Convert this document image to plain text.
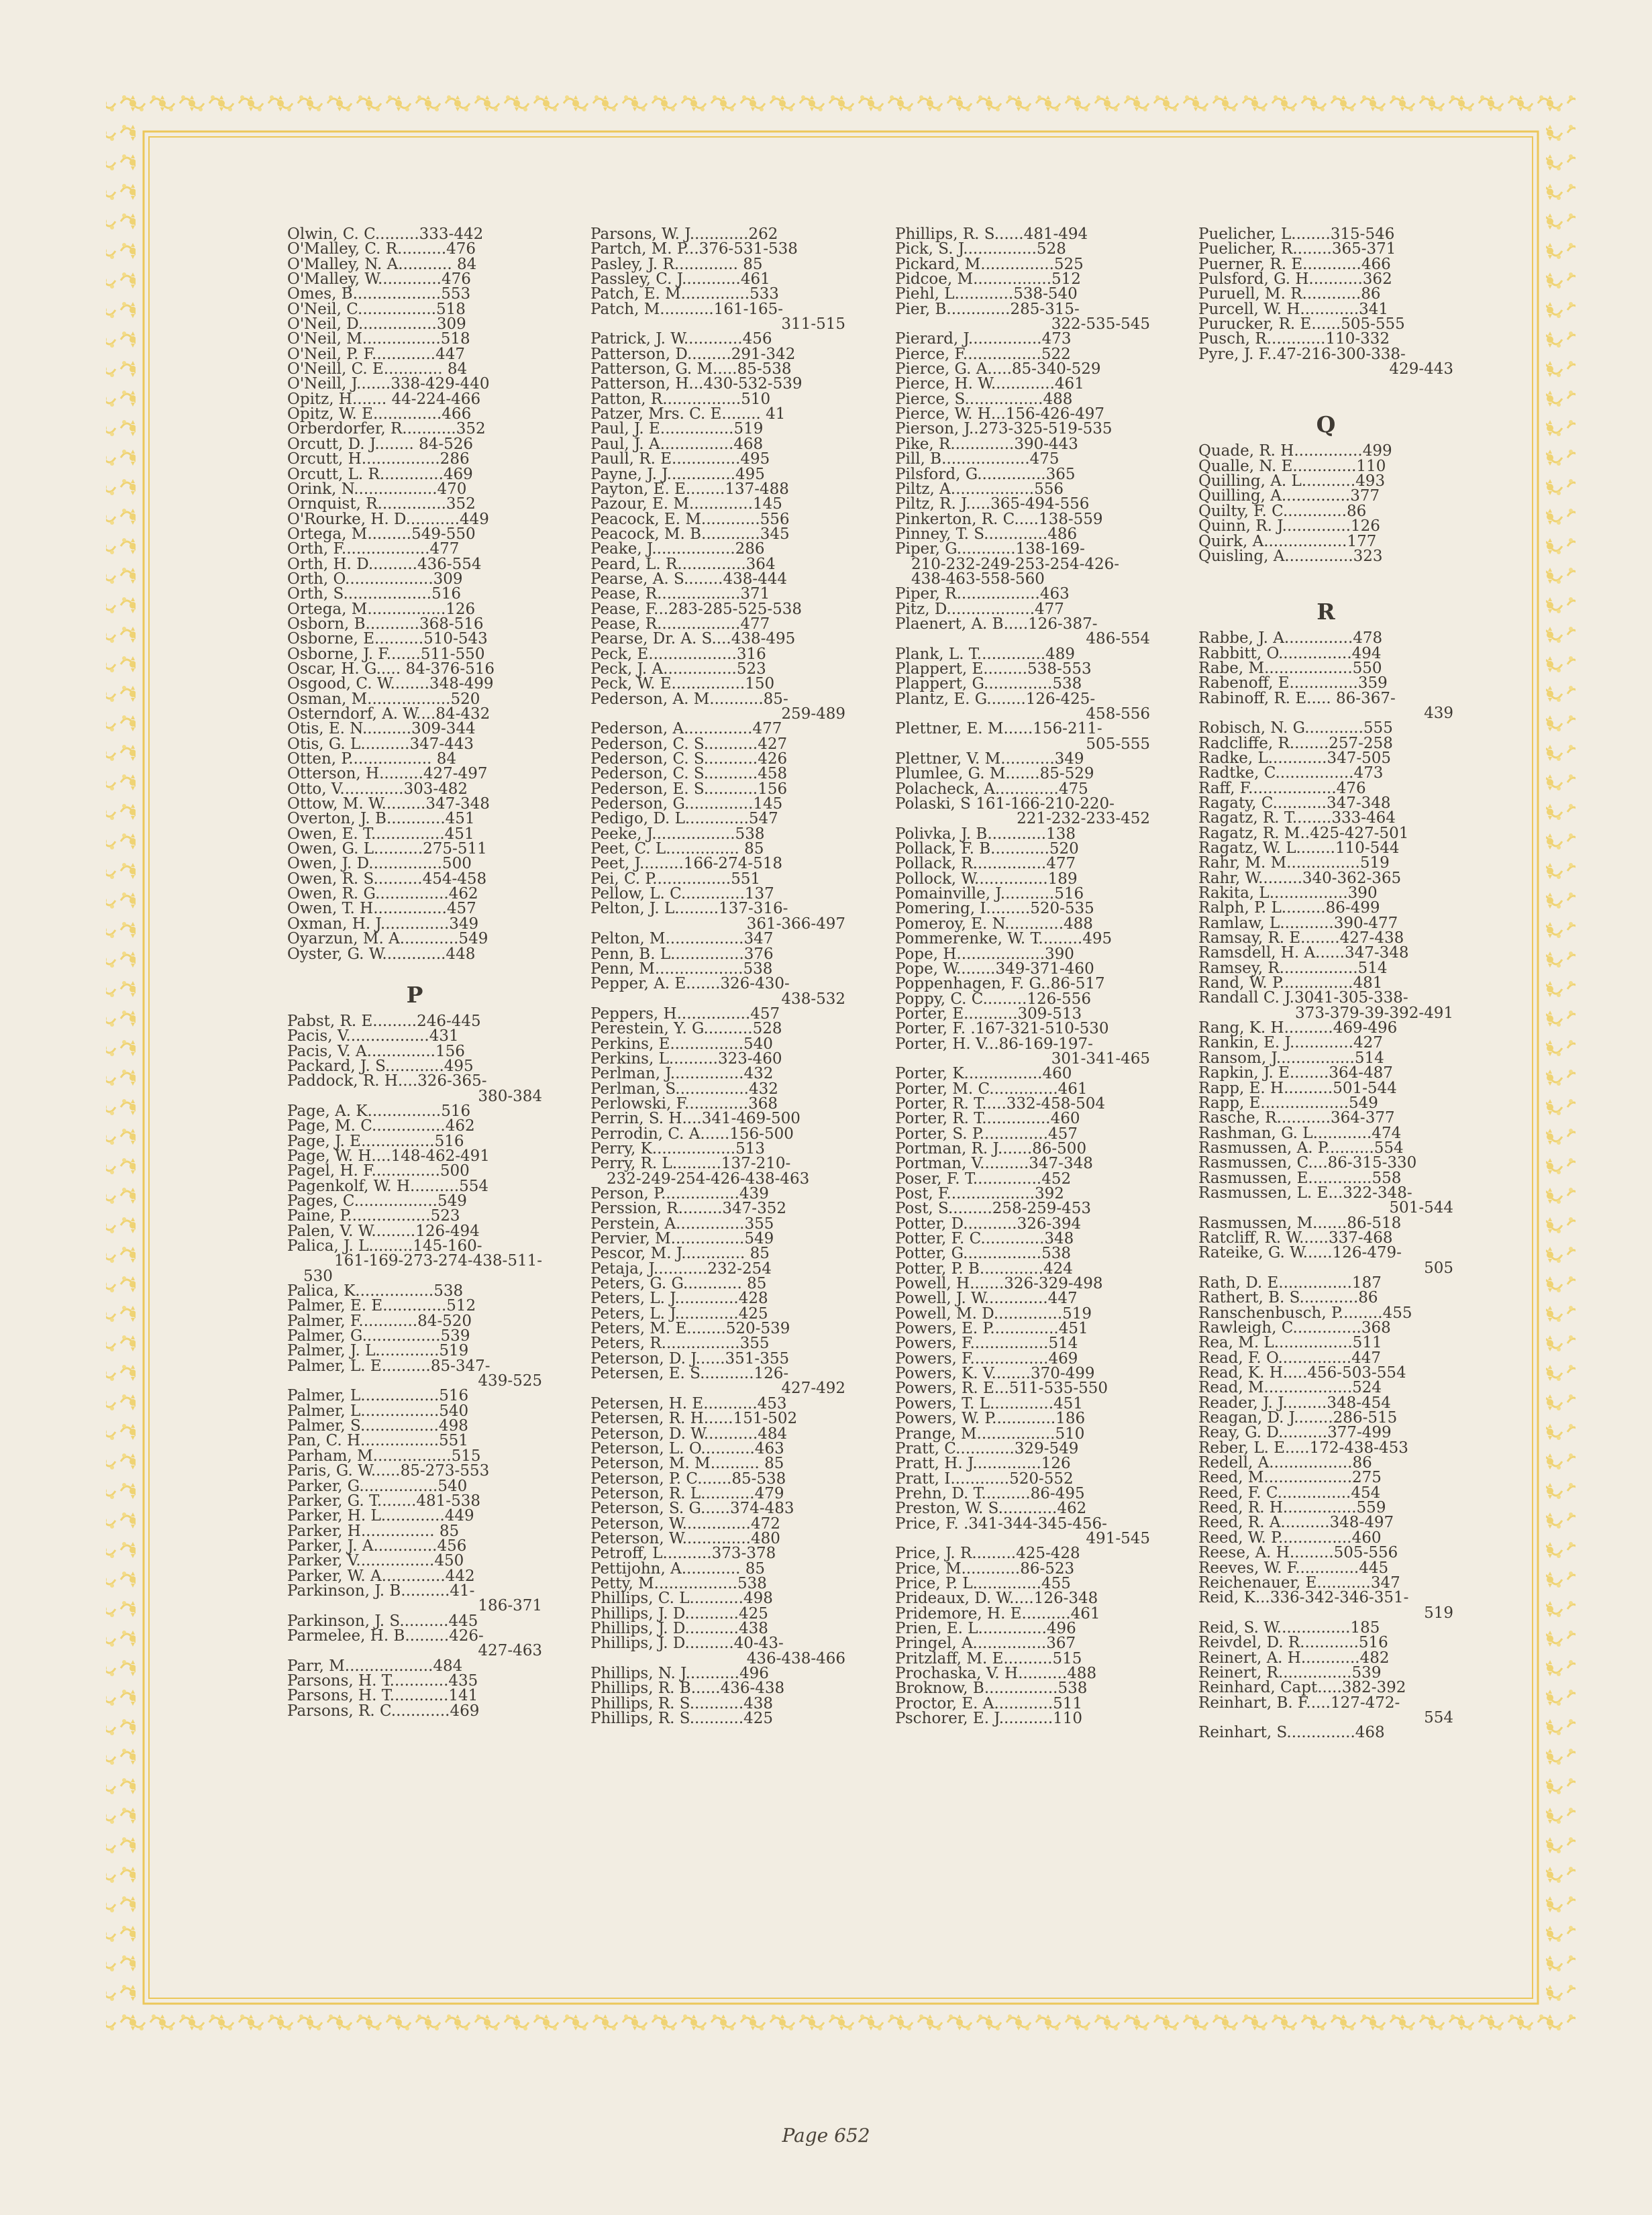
Olwin, C. C.........333-442
O'Malley, C. R..........476
O'Malley, N. A........... 84
O'Malley, W.............476
Omes, B..................553
O'Neil, C................518
O'Neil, D................309
O'Neil, M................518
O'Neil, P. F.............447
O'Neill, C. E............ 84
O'Neill, J.......338-429-440
Opitz, H....... 44-224-466
Opitz, W. E..............466
Orberdorfer, R...........352
Orcutt, D. J........ 84-526
Orcutt, H................286
Orcutt, L. R.............469
Orink, N.................470
Ornquist, R..............352
O'Rourke, H. D...........449
Ortega, M.........549-550
Orth, F..................477
Orth, H. D..........436-554
Orth, O..................309
Orth, S..................516
Ortega, M................126
Osborn, B...........368-516
Osborne, E..........510-543
Osborne, J. F.......511-550
Oscar, H. G..... 84-376-516
Osgood, C. W........348-499
Osman, M.................520
Osterndorf, A. W....84-432
Otis, E. N..........309-344
Otis, G. L..........347-443
Otten, P................. 84
Otterson, H.........427-497
Otto, V.............303-482
Ottow, M. W.........347-348
Overton, J. B............451
Owen, E. T...............451
Owen, G. L..........275-511
Owen, J. D...............500
Owen, R. S..........454-458
Owen, R. G...............462
Owen, T. H...............457
Oxman, H. J..............349
Oyarzun, M. A............549
Oyster, G. W.............448
P
Pabst, R. E.........246-445
Pacis, V.................431
Pacis, V. A..............156
Packard, J. S............495
Paddock, R. H....326-365-
380-384
Page, A. K...............516
Page, M. C...............462
Page, J. E...............516
Page, W. H....148-462-491
Pagel, H. F..............500
Pagenkolf, W. H..........554
Pages, C.................549
Paine, P.................523
Palen, V. W.........126-494
Palica, J. L.........145-160-
161-169-273-274-438-511-
530
Palica, K................538
Palmer, E. E.............512
Palmer, F............84-520
Palmer, G................539
Palmer, J. L.............519
Palmer, L. E..........85-347-
439-525
Palmer, L................516
Palmer, L................540
Palmer, S................498
Pan, C. H................551
Parham, M................515
Paris, G. W......85-273-553
Parker, G................540
Parker, G. T........481-538
Parker, H. L.............449
Parker, H............... 85
Parker, J. A.............456
Parker, V................450
Parker, W. A.............442
Parkinson, J. B..........41-
186-371
Parkinson, J. S..........445
Parmelee, H. B.........426-
427-463
Parr, M..................484
Parsons, H. T............435
Parsons, H. T............141
Parsons, R. C............469
Parsons, W. J............262
Partch, M. P...376-531-538
Pasley, J. R............. 85
Passley, C. J............461
Patch, E. M..............533
Patch, M...........161-165-
311-515
Patrick, J. W............456
Patterson, D.........291-342
Patterson, G. M.....85-538
Patterson, H...430-532-539
Patton, R................510
Patzer, Mrs. C. E........ 41
Paul, J. E...............519
Paul, J. A...............468
Paull, R. E..............495
Payne, J. J..............495
Payton, E. E........137-488
Pazour, E. M.............145
Peacock, E. M............556
Peacock, M. B............345
Peake, J.................286
Peard, L. R..............364
Pearse, A. S........438-444
Pease, R.................371
Pease, F...283-285-525-538
Pease, R.................477
Pearse, Dr. A. S....438-495
Peck, E..................316
Peck, J. A...............523
Peck, W. E...............150
Pederson, A. M...........85-
259-489
Pederson, A..............477
Pederson, C. S...........427
Pederson, C. S...........426
Pederson, C. S...........458
Pederson, E. S...........156
Pederson, G..............145
Pedigo, D. L.............547
Peeke, J.................538
Peet, C. L............... 85
Peet, J.........166-274-518
Pei, C. P................551
Pellow, L. C.............137
Pelton, J. L.........137-316-
361-366-497
Pelton, M................347
Penn, B. L...............376
Penn, M..................538
Pepper, A. E.......326-430-
438-532
Peppers, H...............457
Perestein, Y. G..........528
Perkins, E...............540
Perkins, L..........323-460
Perlman, J...............432
Perlman, S...............432
Perlowski, F.............368
Perrin, S. H....341-469-500
Perrodin, C. A......156-500
Perry, K.................513
Perry, R. L..........137-210-
232-249-254-426-438-463
Person, P................439
Perssion, R.........347-352
Perstein, A..............355
Pervier, M...............549
Pescor, M. J............. 85
Petaja, J...........232-254
Peters, G. G............ 85
Peters, L. J.............428
Peters, L. J.............425
Peters, M. E........520-539
Peters, R................355
Peterson, D. J......351-355
Petersen, E. S...........126-
427-492
Petersen, H. E...........453
Petersen, R. H......151-502
Peterson, D. W...........484
Peterson, L. O...........463
Peterson, M. M.......... 85
Peterson, P. C.......85-538
Peterson, R. L...........479
Peterson, S. G......374-483
Peterson, W..............472
Peterson, W..............480
Petroff, L..........373-378
Pettijohn, A............ 85
Petty, M.................538
Phillips, C. L...........498
Phillips, J. D...........425
Phillips, J. D...........438
Phillips, J. D..........40-43-
436-438-466
Phillips, N. J...........496
Phillips, R. B......436-438
Phillips, R. S...........438
Phillips, R. S...........425
Phillips, R. S......481-494
Pick, S. J...............528
Pickard, M...............525
Pidcoe, M................512
Piehl, L............538-540
Pier, B.............285-315-
322-535-545
Pierard, J...............473
Pierce, F................522
Pierce, G. A.....85-340-529
Pierce, H. W.............461
Pierce, S................488
Pierce, W. H...156-426-497
Pierson, J..273-325-519-535
Pike, R.............390-443
Pill, B..................475
Pilsford, G..............365
Piltz, A.................556
Piltz, R. J.....365-494-556
Pinkerton, R. C.....138-559
Pinney, T. S.............486
Piper, G............138-169-
210-232-249-253-254-426-
438-463-558-560
Piper, R.................463
Pitz, D..................477
Plaenert, A. B.....126-387-
486-554
Plank, L. T..............489
Plappert, E.........538-553
Plappert, G..............538
Plantz, E. G........126-425-
458-556
Plettner, E. M......156-211-
505-555
Plettner, V. M...........349
Plumlee, G. M.......85-529
Polacheck, A.............475
Polaski, S 161-166-210-220-
221-232-233-452
Polivka, J. B............138
Pollack, F. B............520
Pollack, R...............477
Pollock, W...............189
Pomainville, J...........516
Pomering, I.........520-535
Pomeroy, E. N............488
Pommerenke, W. T.........495
Pope, H..................390
Pope, W........349-371-460
Poppenhagen, F. G..86-517
Poppy, C. C.........126-556
Porter, E...........309-513
Porter, F. .167-321-510-530
Porter, H. V...86-169-197-
301-341-465
Porter, K................460
Porter, M. C..............461
Porter, R. T.....332-458-504
Porter, R. T..............460
Porter, S. P..............457
Portman, R. J.......86-500
Portman, V..........347-348
Poser, F. T..............452
Post, F..................392
Post, S.........258-259-453
Potter, D...........326-394
Potter, F. C.............348
Potter, G................538
Potter, P. B.............424
Powell, H.......326-329-498
Powell, J. W.............447
Powell, M. D..............519
Powers, E. P..............451
Powers, F................514
Powers, F................469
Powers, K. V........370-499
Powers, R. E...511-535-550
Powers, T. L.............451
Powers, W. P.............186
Prange, M................510
Pratt, C............329-549
Pratt, H. J..............126
Pratt, I............520-552
Prehn, D. T..........86-495
Preston, W. S............462
Price, F. .341-344-345-456-
491-545
Price, J. R.........425-428
Price, M............86-523
Price, P. L..............455
Prideaux, D. W.....126-348
Pridemore, H. E..........461
Prien, E. L..............496
Pringel, A...............367
Pritzlaff, M. E..........515
Prochaska, V. H..........488
Broknow, B...............538
Proctor, E. A............511
Pschorer, E. J...........110
Puelicher, L........315-546
Puelicher, R........365-371
Puerner, R. E............466
Pulsford, G. H...........362
Puruell, M. R............86
Purcell, W. H............341
Purucker, R. E......505-555
Pusch, R............110-332
Pyre, J. F..47-216-300-338-
429-443
Q
Quade, R. H..............499
Qualle, N. E.............110
Quilling, A. L...........493
Quilling, A..............377
Quilty, F. C.............86
Quinn, R. J..............126
Quirk, A.................177
Quisling, A..............323
R
Rabbe, J. A..............478
Rabbitt, O...............494
Rabe, M..................550
Rabenoff, E..............359
Rabinoff, R. E..... 86-367-
439
Robisch, N. G............555
Radcliffe, R........257-258
Radke, L............347-505
Radtke, C................473
Raff, F..................476
Ragaty, C...........347-348
Ragatz, R. T........333-464
Ragatz, R. M..425-427-501
Ragatz, W. L........110-544
Rahr, M. M...............519
Rahr, W.........340-362-365
Rakita, L................390
Ralph, P. L.........86-499
Ramlaw, L...........390-477
Ramsay, R. E........427-438
Ramsdell, H. A......347-348
Ramsey, R................514
Rand, W. P...............481
Randall C. J.3041-305-338-
373-379-39-392-491
Rang, K. H..........469-496
Rankin, E. J.............427
Ransom, J................514
Rapkin, J. E........364-487
Rapp, E. H..........501-544
Rapp, E..................549
Rasche, R...........364-377
Rashman, G. L............474
Rasmussen, A. P..........554
Rasmussen, C....86-315-330
Rasmussen, E.............558
Rasmussen, L. E...322-348-
501-544
Rasmussen, M.......86-518
Ratcliff, R. W......337-468
Rateike, G. W......126-479-
505
Rath, D. E...............187
Rathert, B. S............86
Ranschenbusch, P.........455
Rawleigh, C..............368
Rea, M. L................511
Read, F. O...............447
Read, K. H.....456-503-554
Read, M..................524
Reader, J. J.........348-454
Reagan, D. J........286-515
Reay, G. D..........377-499
Reber, L. E.....172-438-453
Redell, A.................86
Reed, M..................275
Reed, F. C...............454
Reed, R. H...............559
Reed, R. A..........348-497
Reed, W. P...............460
Reese, A. H.........505-556
Reeves, W. F.............445
Reichenauer, E...........347
Reid, K...336-342-346-351-
519
Reid, S. W...............185
Reivdel, D. R............516
Reinert, A. H............482
Reinert, R...............539
Reinhard, Capt.....382-392
Reinhart, B. F.....127-472-
554
Reinhart, S..............468
Page 652
